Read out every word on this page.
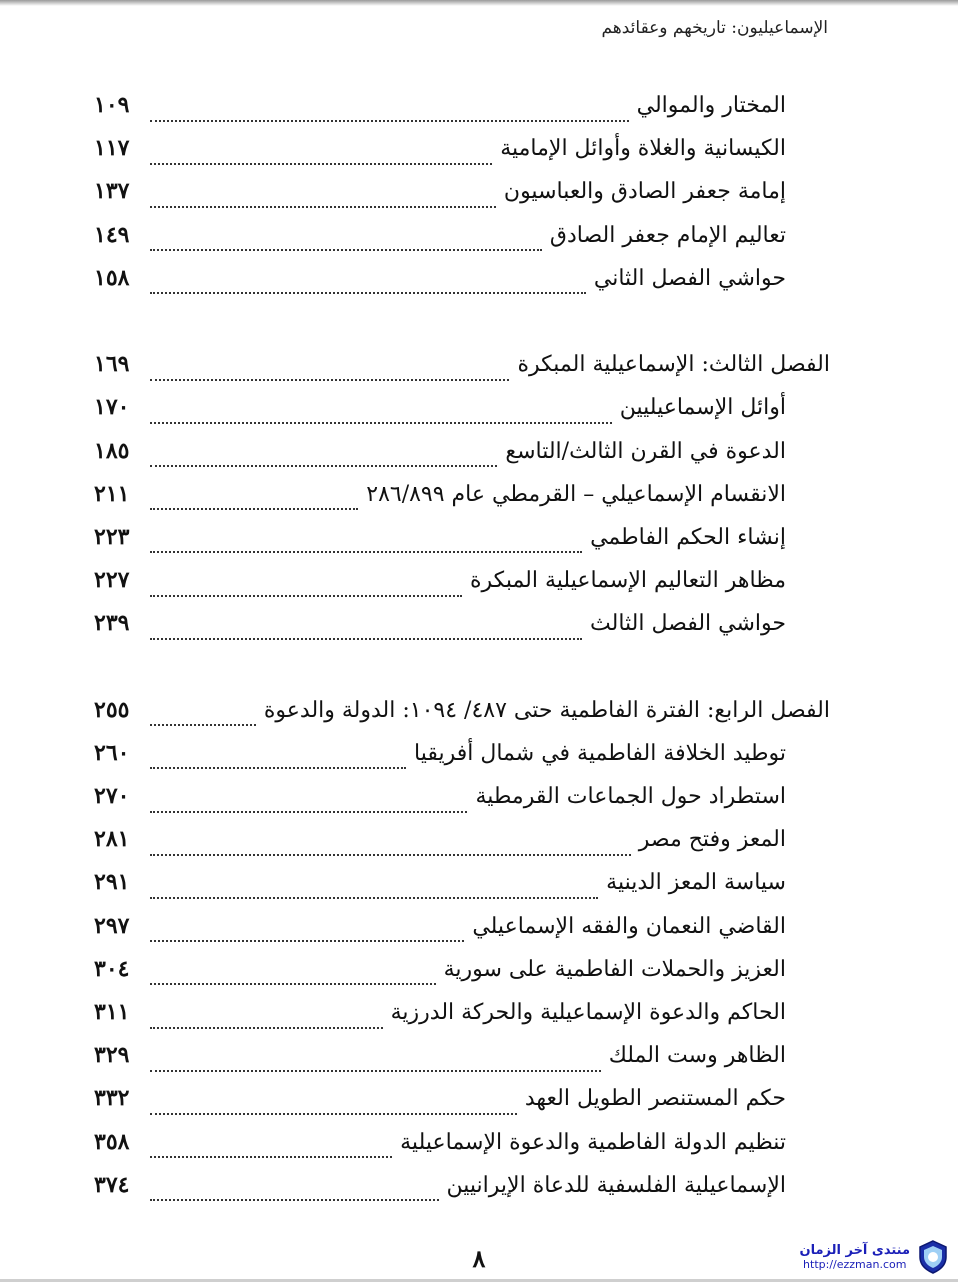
الإسماعيليون: تاريخهم وعقائدهم
١٠٩	المختار والموالي
١١٧	الكيسانية والغلاة وأوائل الإمامية
١٣٧	إمامة جعفر الصادق والعباسيون
١٤٩	تعاليم الإمام جعفر الصادق
١٥٨	حواشي الفصل الثاني
١٦٩	الفصل الثالث: الإسماعيلية المبكرة
١٧٠	أوائل الإسماعيليين
١٨٥	الدعوة في القرن الثالث/التاسع
٢١١	الانقسام الإسماعيلي – القرمطي عام ٢٨٦/٨٩٩
٢٢٣	إنشاء الحكم الفاطمي
٢٢٧	مظاهر التعاليم الإسماعيلية المبكرة
٢٣٩	حواشي الفصل الثالث
٢٥٥	الفصل الرابع: الفترة الفاطمية حتى ٤٨٧/ ١٠٩٤: الدولة والدعوة
٢٦٠	توطيد الخلافة الفاطمية في شمال أفريقيا
٢٧٠	استطراد حول الجماعات القرمطية
٢٨١	المعز وفتح مصر
٢٩١	سياسة المعز الدينية
٢٩٧	القاضي النعمان والفقه الإسماعيلي
٣٠٤	العزيز والحملات الفاطمية على سورية
٣١١	الحاكم والدعوة الإسماعيلية والحركة الدرزية
٣٢٩	الظاهر وست الملك
٣٣٢	حكم المستنصر الطويل العهد
٣٥٨	تنظيم الدولة الفاطمية والدعوة الإسماعيلية
٣٧٤	الإسماعيلية الفلسفية للدعاة الإيرانيين
٨	منتدى آخر الزمان
http://ezzman.com
